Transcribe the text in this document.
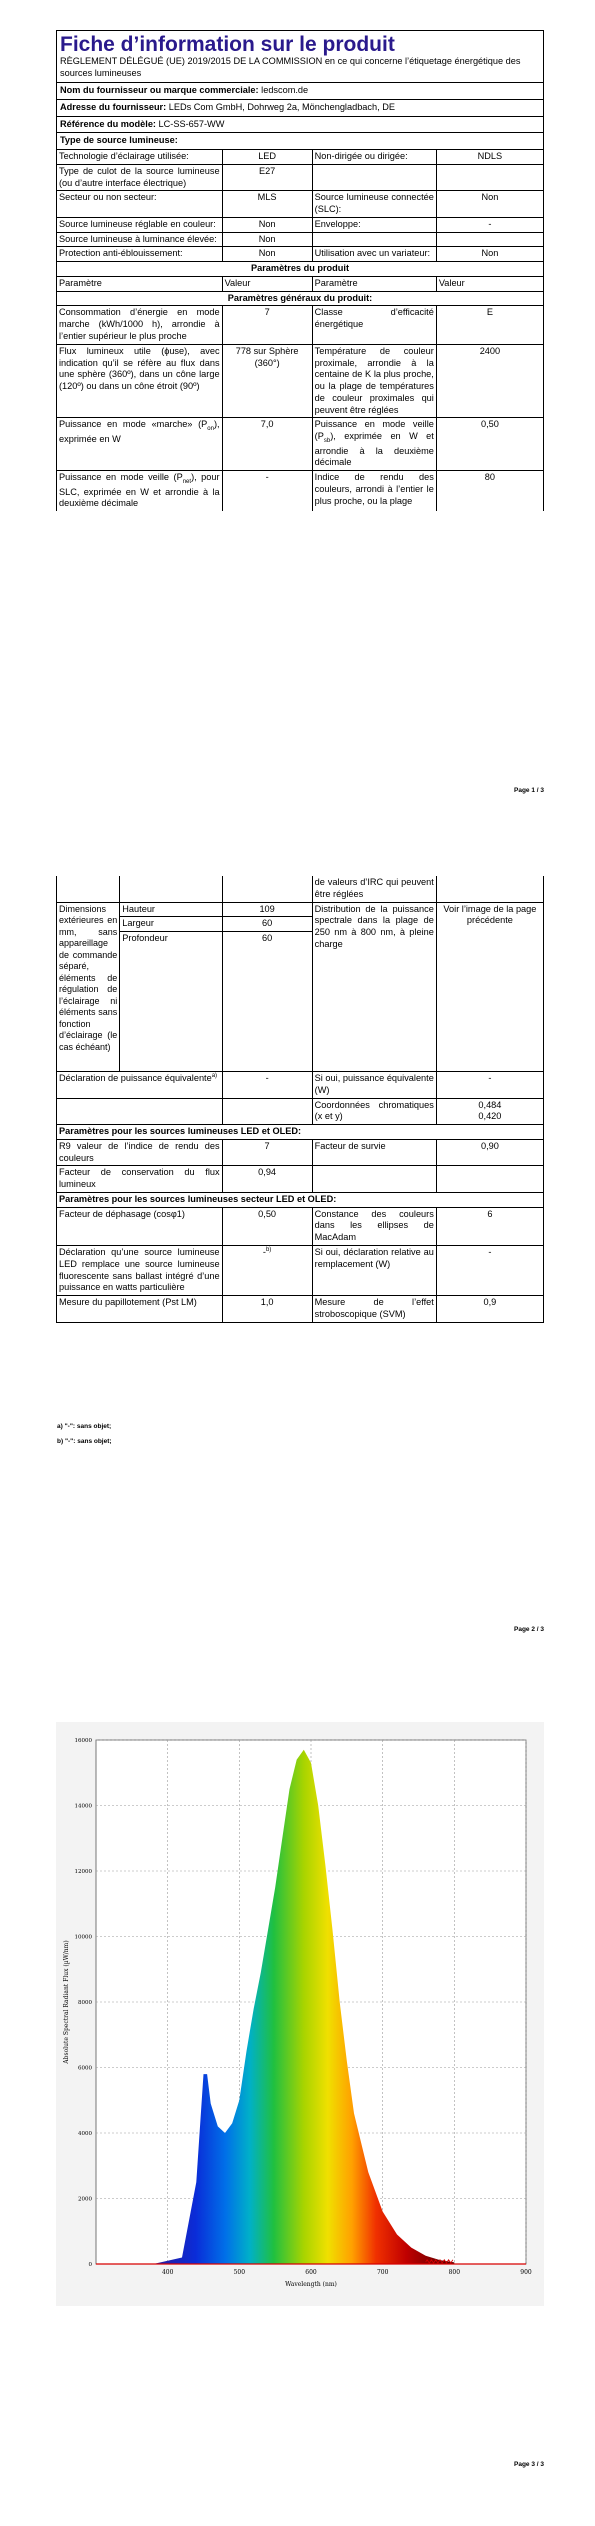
Fiche d’information sur le produit
RÈGLEMENT DÉLÉGUÉ (UE) 2019/2015 DE LA COMMISSION en ce qui concerne l’étiquetage énergétique des sources lumineuses			

Nom du fournisseur ou marque commerciale: ledscom.de			
Adresse du fournisseur: LEDs Com GmbH, Dohrweg 2a, Mönchengladbach, DE			
Référence du modèle: LC-SS-657-WW			
Type de source lumineuse:			
Technologie d’éclairage utilisée:	LED	Non-dirigée ou dirigée:	NDLS
Type de culot de la source lumineuse (ou d’autre interface électrique)	E27		
Secteur ou non secteur:	MLS	Source lumineuse connectée (SLC):	Non
Source lumineuse réglable en couleur:	Non	Enveloppe:	-
Source lumineuse à luminance élevée:	Non		
Protection anti-éblouissement:	Non	Utilisation avec un variateur:	Non
Paramètres du produit			
Paramètre	Valeur	Paramètre	Valeur
Paramètres généraux du produit:			
Consommation d’énergie en mode marche (kWh/1000 h), arrondie à l’entier supérieur le plus proche	7	Classe d’efficacité énergétique	E
Flux lumineux utile (ɸuse), avec indication qu’il se réfère au flux dans une sphère (360º), dans un cône large (120º) ou dans un cône étroit (90º)	778 sur Sphère (360°)	Température de couleur proximale, arrondie à la centaine de K la plus proche, ou la plage de températures de couleur proximales qui peuvent être réglées	2400
Puissance en mode «marche» $(P_{on})$, exprimée en W	7,0	Puissance en mode veille $(P_{sb})$, exprimée en W et arrondie à la deuxième décimale	0,50
Puissance en mode veille $(P_{net})$, pour SLC, exprimée en W et arrondie à la deuxième décimale	-	Indice de rendu des couleurs, arrondi à l’entier le plus proche, ou la plage	80
Page 1 / 3
			de valeurs d’IRC qui peuvent être réglées	
Dimensions extérieures en mm, sans appareillage de commande séparé, éléments de régulation de l’éclairage ni éléments sans fonction d’éclairage (le cas échéant)	Hauteur	109	Distribution de la puissance spectrale dans la plage de 250 nm à 800 nm, à pleine charge	Voir l’image de la page précédente
	Largeur	60		
	Profondeur	60		
Déclaration de puissance équivalente$^{a)}$		-	Si oui, puissance équivalente (W)	-
			Coordonnées chromatiques (x et y)	0,484
0,420

Paramètres pour les sources lumineuses LED et OLED:				
R9 valeur de l’indice de rendu des couleurs		7	Facteur de survie	0,90
Facteur de conservation du flux lumineux		0,94		
Paramètres pour les sources lumineuses secteur LED et OLED:				
Facteur de déphasage (cosφ1)		0,50	Constance des couleurs dans les ellipses de MacAdam	6
Déclaration qu’une source lumineuse LED remplace une source lumineuse fluorescente sans ballast intégré d’une puissance en watts particulière		-$^{b)}$	Si oui, déclaration relative au remplacement (W)	-
Mesure du papillotement (Pst LM)		1,0	Mesure de l’effet stroboscopique (SVM)	0,9
a) "-": sans objet;
b) "-": sans objet;
Page 2 / 3
400	500	600	700	800	900
0
2000
4000
6000
8000
10000
12000
14000
16000
Wavelength (nm)
Absolute Spectral Radiant Flux (µW/nm)
Page 3 / 3
